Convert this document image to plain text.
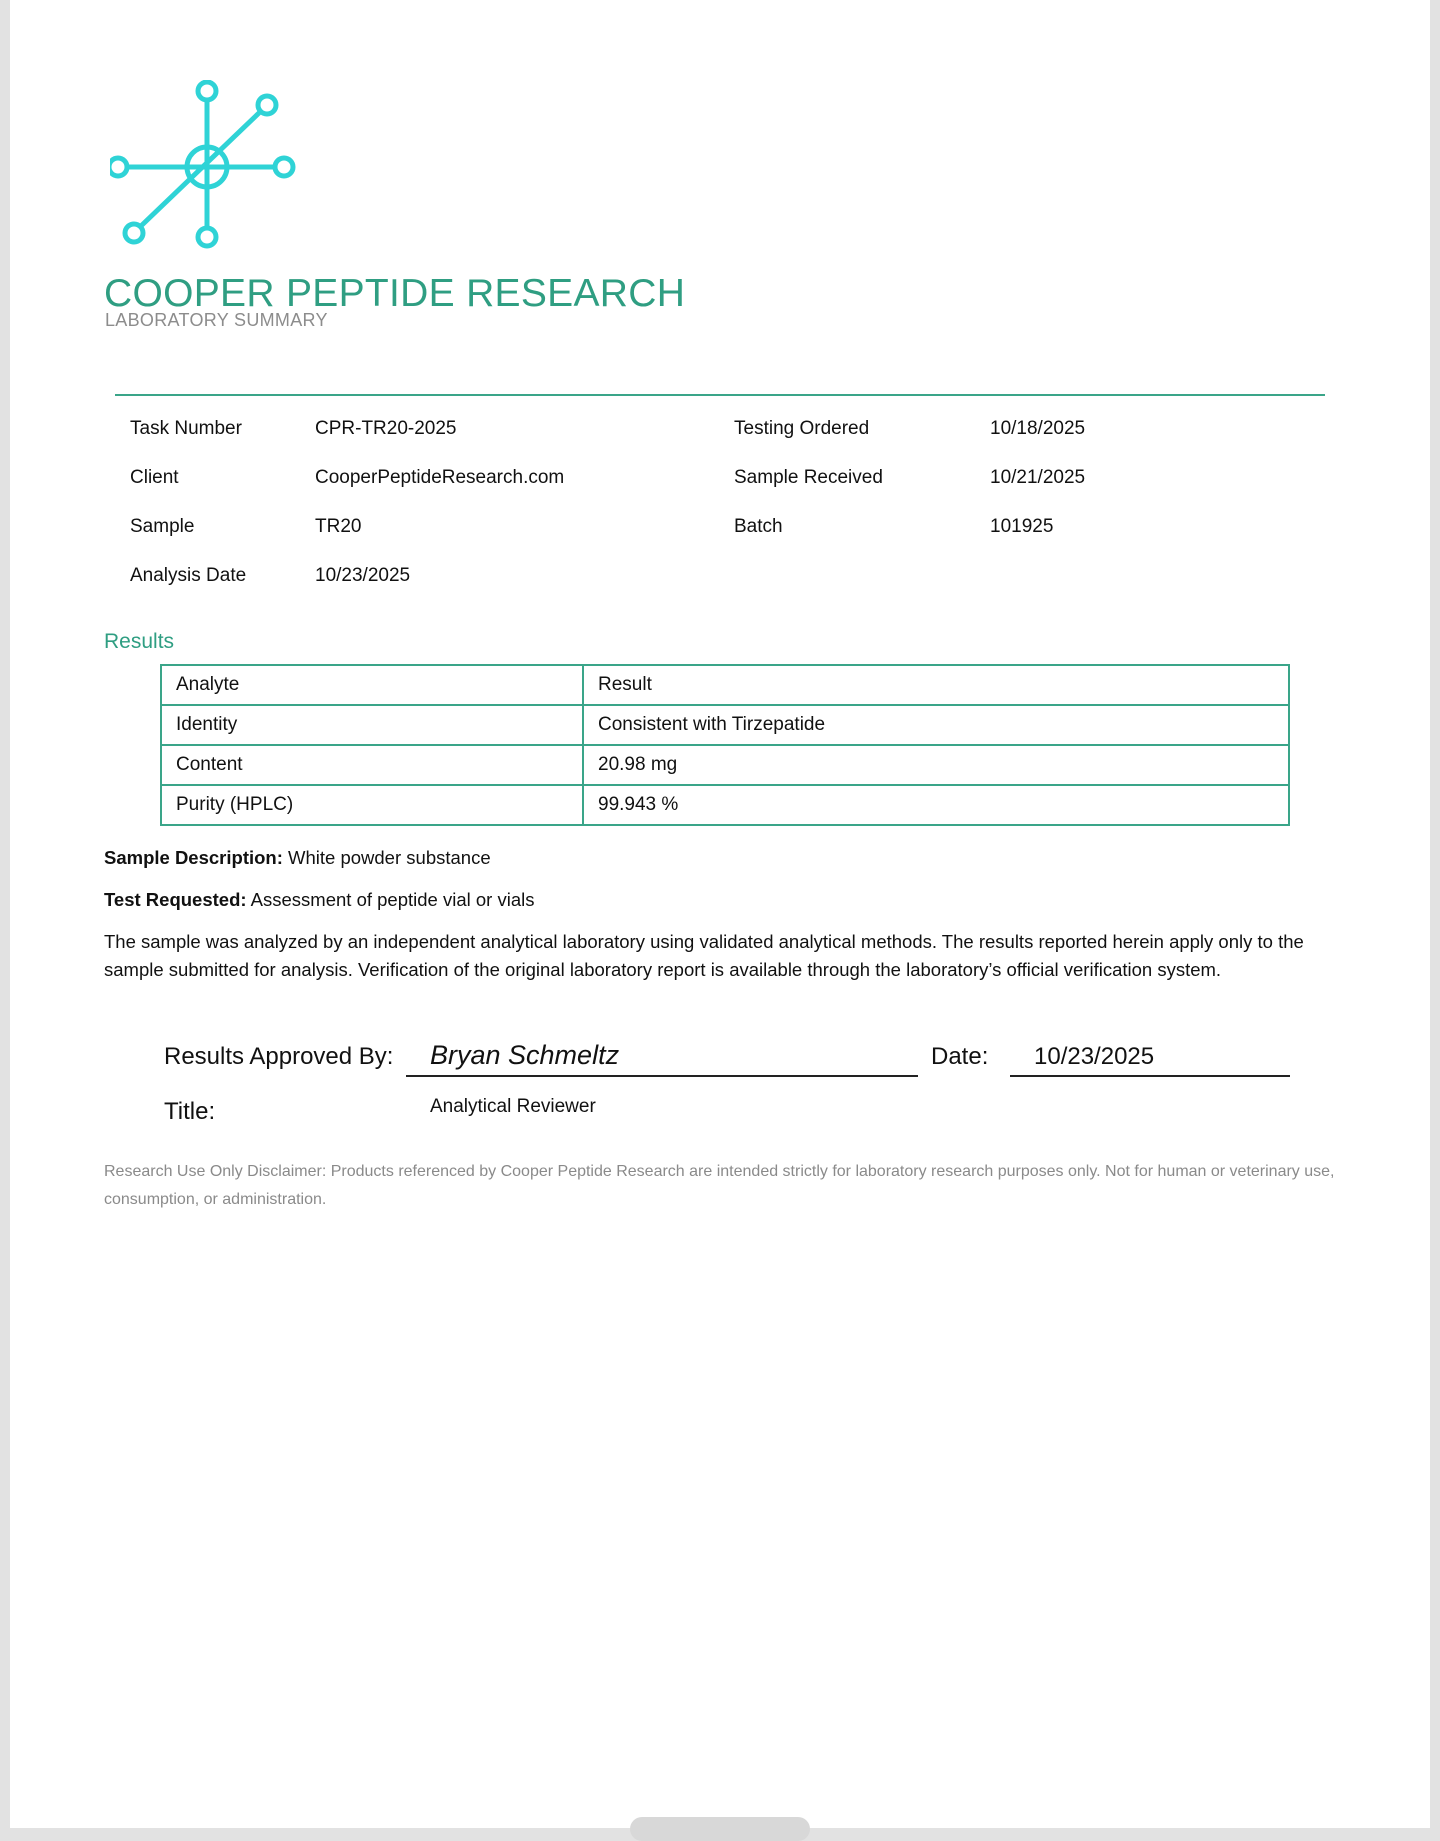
COOPER PEPTIDE RESEARCH
LABORATORY SUMMARY
Task Number	CPR-TR20-2025	Testing Ordered	10/18/2025
Client	CooperPeptideResearch.com	Sample Received	10/21/2025
Sample	TR20	Batch	101925
Analysis Date	10/23/2025
Results
Analyte	Result
Identity	Consistent with Tirzepatide
Content	20.98 mg
Purity (HPLC)	99.943 %
Sample Description: White powder substance
Test Requested: Assessment of peptide vial or vials
The sample was analyzed by an independent analytical laboratory using validated analytical methods. The results reported herein apply only to the sample submitted for analysis. Verification of the original laboratory report is available through the laboratory’s official verification system.
Results Approved By: Bryan Schmeltz	Date: 10/23/2025
Title:	Analytical Reviewer
Research Use Only Disclaimer: Products referenced by Cooper Peptide Research are intended strictly for laboratory research purposes only. Not for human or veterinary use, consumption, or administration.
